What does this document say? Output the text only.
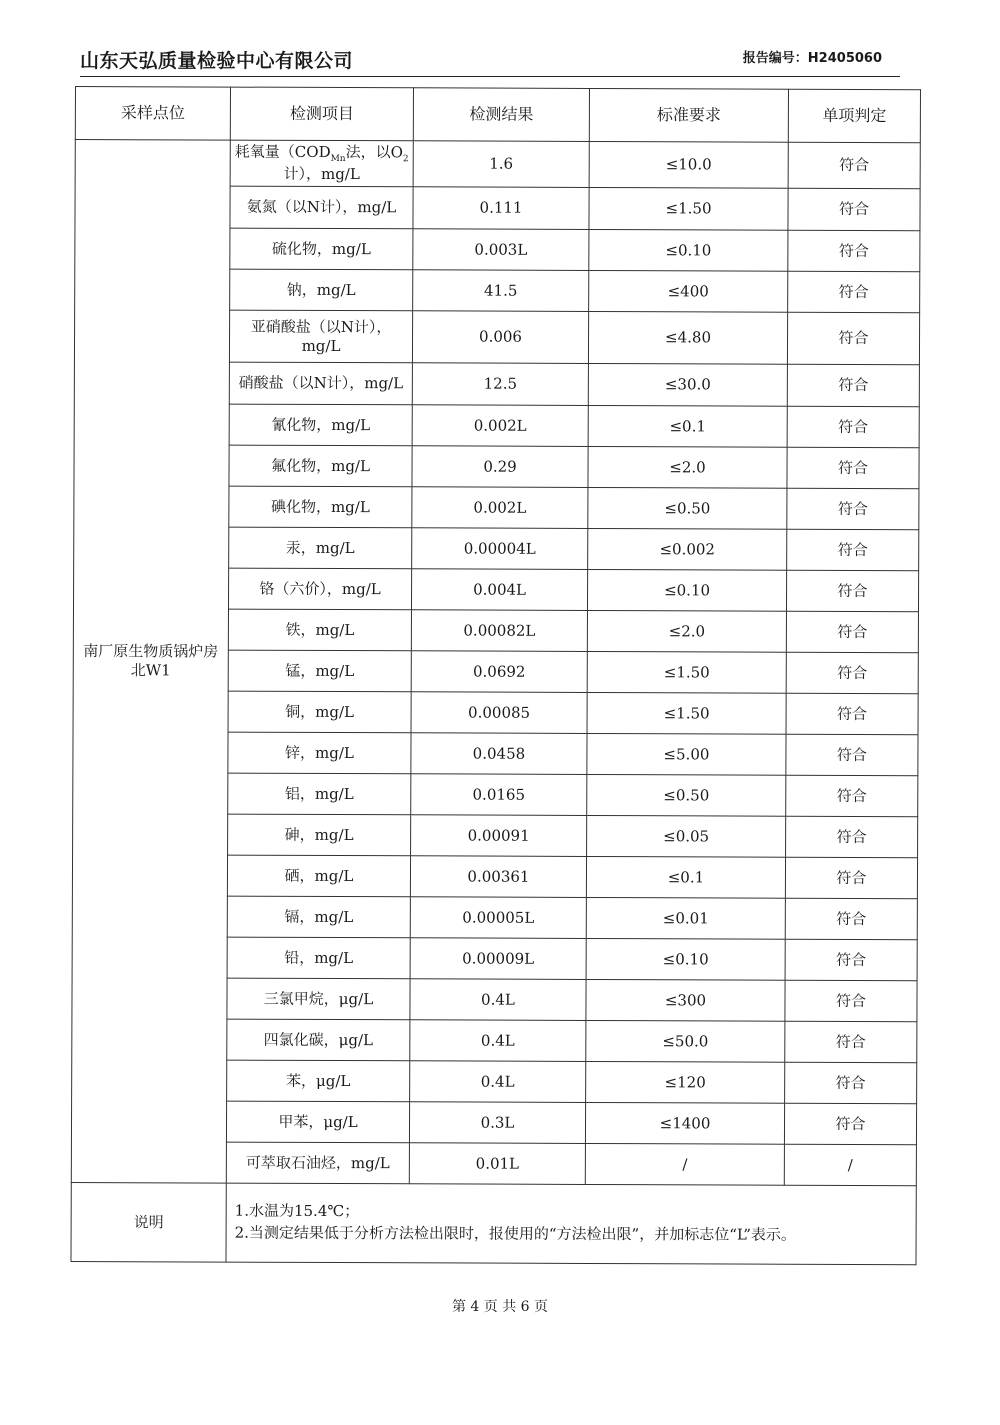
山东天弘质量检验中心有限公司	报告编号：H2405060
采样点位	检测项目	检测结果	标准要求	单项判定
南厂原生物质锅炉房北W1	耗氧量（$COD_{Mn}$法，以$O_2$计），mg/L	1.6	≤10.0	符合
	氨氮（以N计），mg/L	0.111	≤1.50	符合
	硫化物，mg/L	0.003L	≤0.10	符合
	钠，mg/L	41.5	≤400	符合
	亚硝酸盐（以N计），mg/L	0.006	≤4.80	符合
	硝酸盐（以N计），mg/L	12.5	≤30.0	符合
	氰化物，mg/L	0.002L	≤0.1	符合
	氟化物，mg/L	0.29	≤2.0	符合
	碘化物，mg/L	0.002L	≤0.50	符合
	汞，mg/L	0.00004L	≤0.002	符合
	铬（六价），mg/L	0.004L	≤0.10	符合
	铁，mg/L	0.00082L	≤2.0	符合
	锰，mg/L	0.0692	≤1.50	符合
	铜，mg/L	0.00085	≤1.50	符合
	锌，mg/L	0.0458	≤5.00	符合
	铝，mg/L	0.0165	≤0.50	符合
	砷，mg/L	0.00091	≤0.05	符合
	硒，mg/L	0.00361	≤0.1	符合
	镉，mg/L	0.00005L	≤0.01	符合
	铅，mg/L	0.00009L	≤0.10	符合
	三氯甲烷，μg/L	0.4L	≤300	符合
	四氯化碳，μg/L	0.4L	≤50.0	符合
	苯，μg/L	0.4L	≤120	符合
	甲苯，μg/L	0.3L	≤1400	符合
	可萃取石油烃，mg/L	0.01L	/	/
说明	1.水温为15.4℃；
2.当测定结果低于分析方法检出限时，报使用的“方法检出限”，并加标志位“L”表示。			
第 4 页 共 6 页
